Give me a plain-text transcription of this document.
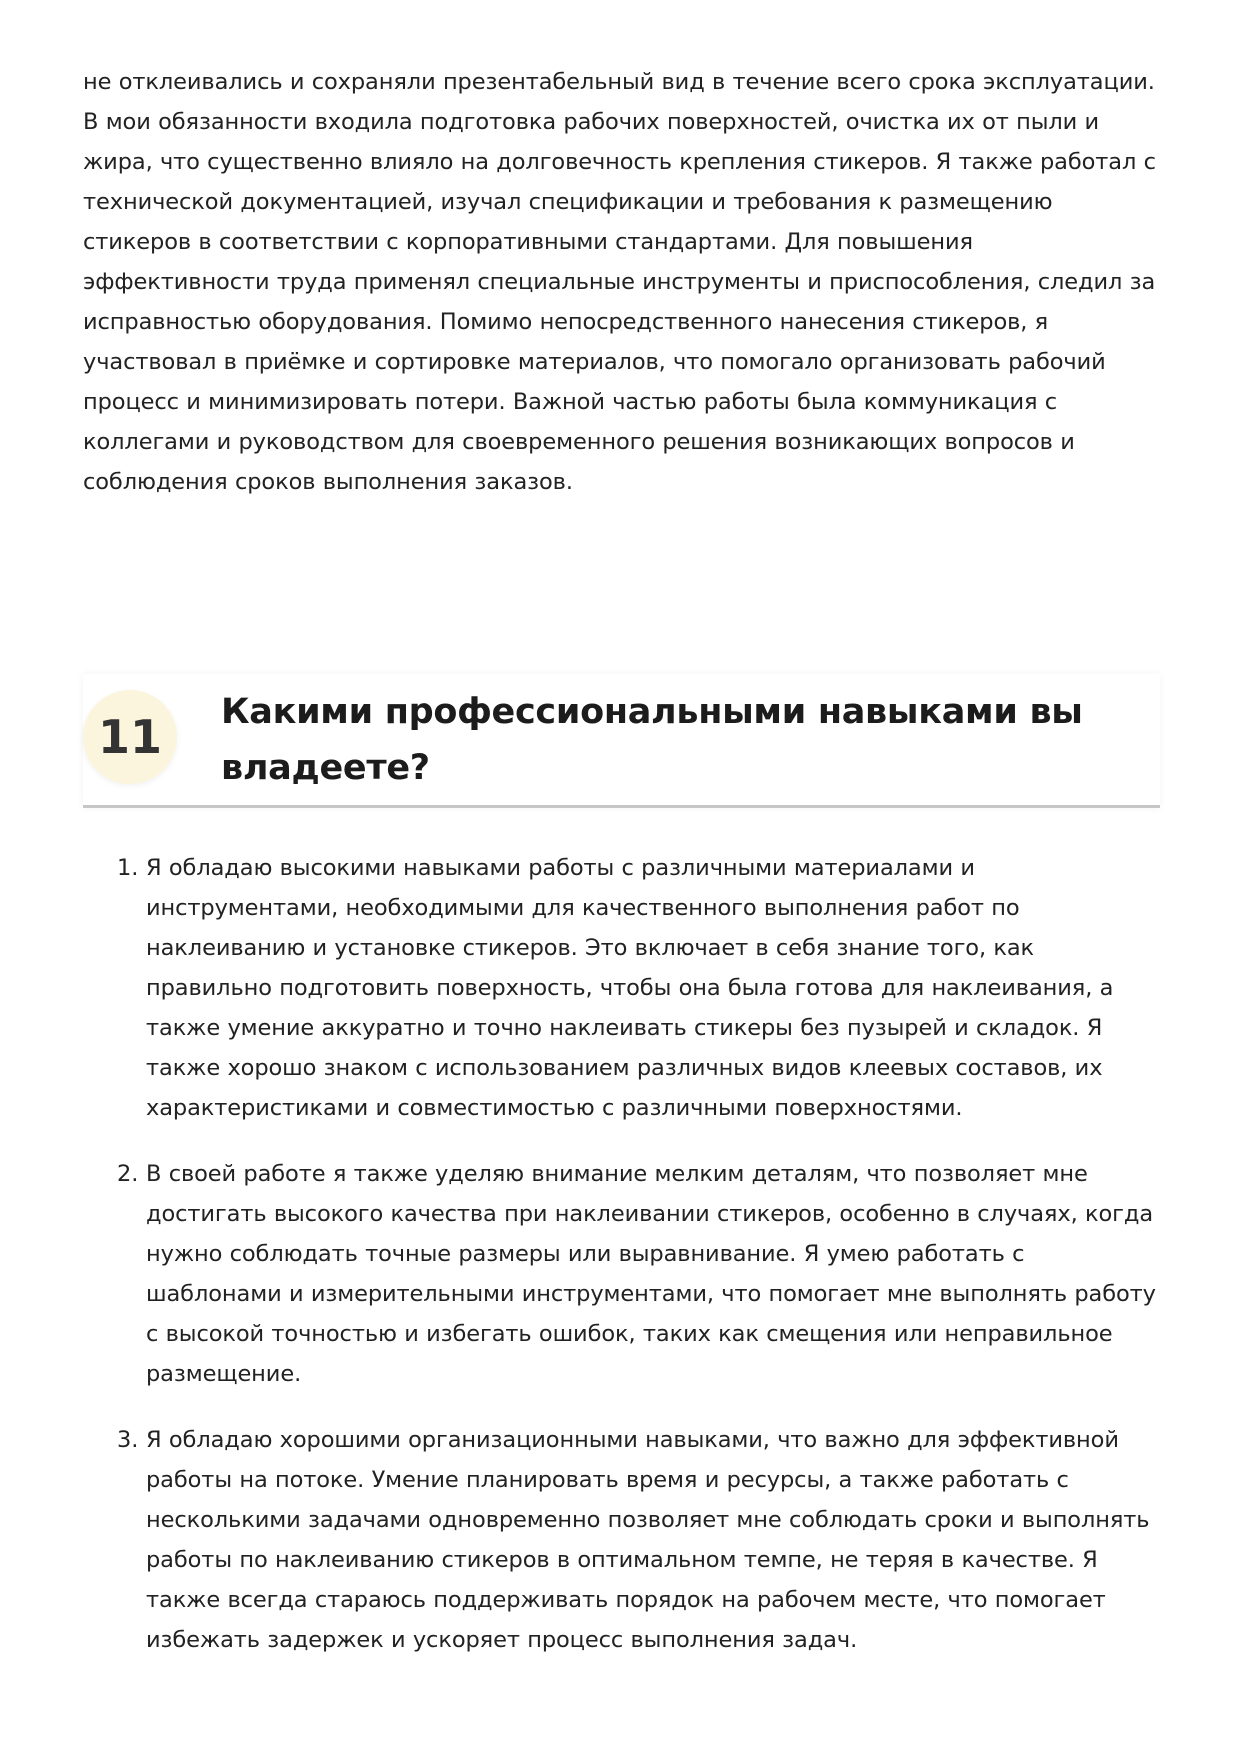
не отклеивались и сохраняли презентабельный вид в течение всего срока эксплуатации. В мои обязанности входила подготовка рабочих поверхностей, очистка их от пыли и жира, что существенно влияло на долговечность крепления стикеров. Я также работал с технической документацией, изучал спецификации и требования к размещению стикеров в соответствии с корпоративными стандартами. Для повышения эффективности труда применял специальные инструменты и приспособления, следил за исправностью оборудования. Помимо непосредственного нанесения стикеров, я участвовал в приёмке и сортировке материалов, что помогало организовать рабочий процесс и минимизировать потери. Важной частью работы была коммуникация с коллегами и руководством для своевременного решения возникающих вопросов и соблюдения сроков выполнения заказов.

11	Какими профессиональными навыками вы владеете?
1. Я обладаю высокими навыками работы с различными материалами и инструментами, необходимыми для качественного выполнения работ по наклеиванию и установке стикеров. Это включает в себя знание того, как правильно подготовить поверхность, чтобы она была готова для наклеивания, а также умение аккуратно и точно наклеивать стикеры без пузырей и складок. Я также хорошо знаком с использованием различных видов клеевых составов, их характеристиками и совместимостью с различными поверхностями.
2. В своей работе я также уделяю внимание мелким деталям, что позволяет мне достигать высокого качества при наклеивании стикеров, особенно в случаях, когда нужно соблюдать точные размеры или выравнивание. Я умею работать с шаблонами и измерительными инструментами, что помогает мне выполнять работу с высокой точностью и избегать ошибок, таких как смещения или неправильное размещение.
3. Я обладаю хорошими организационными навыками, что важно для эффективной работы на потоке. Умение планировать время и ресурсы, а также работать с несколькими задачами одновременно позволяет мне соблюдать сроки и выполнять работы по наклеиванию стикеров в оптимальном темпе, не теряя в качестве. Я также всегда стараюсь поддерживать порядок на рабочем месте, что помогает избежать задержек и ускоряет процесс выполнения задач.
